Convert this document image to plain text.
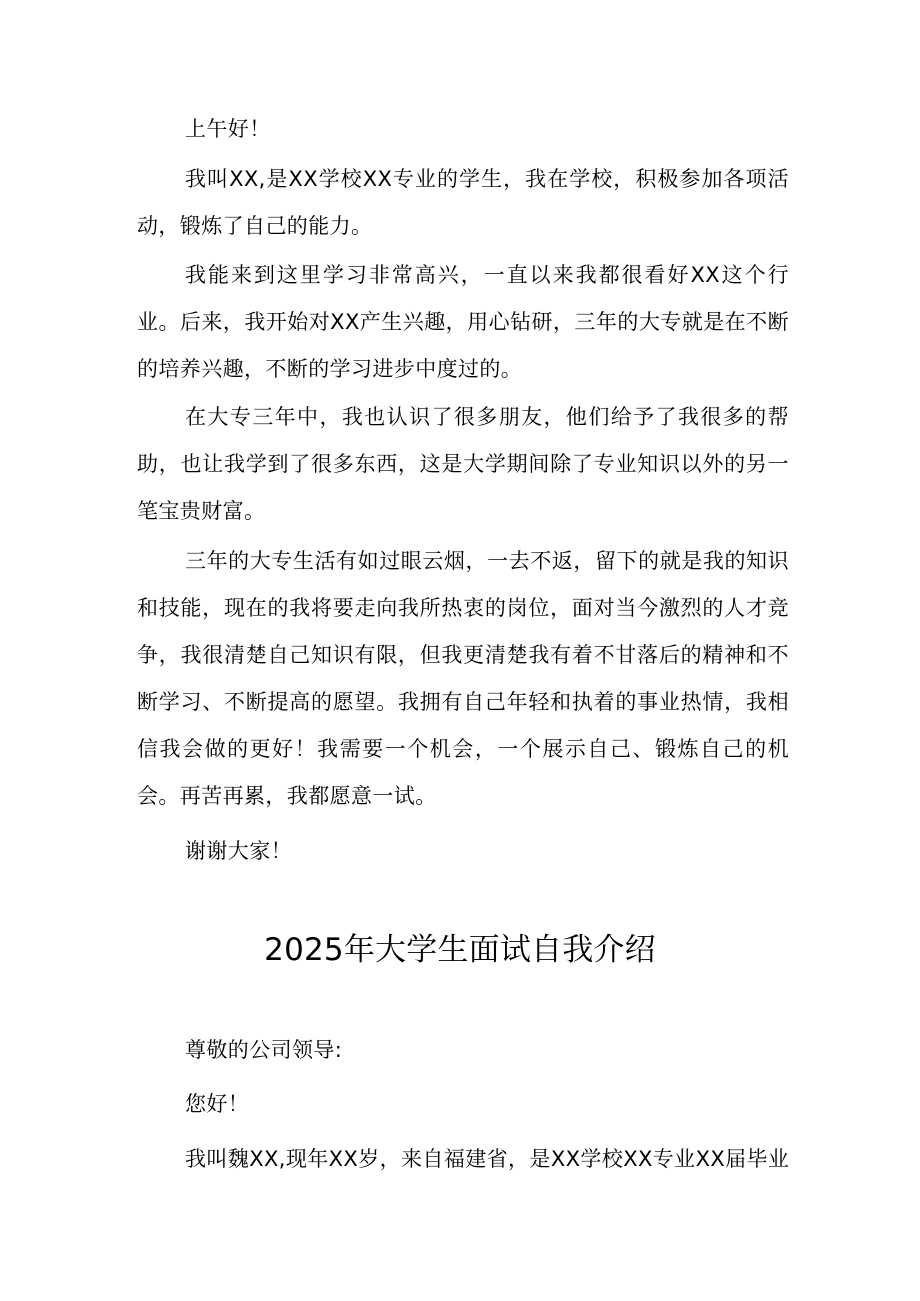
上午好！

我叫XX,是XX学校XX专业的学生，我在学校，积极参加各项活动，锻炼了自己的能力。

我能来到这里学习非常高兴，一直以来我都很看好XX这个行业。后来，我开始对XX产生兴趣，用心钻研，三年的大专就是在不断的培养兴趣，不断的学习进步中度过的。

在大专三年中，我也认识了很多朋友，他们给予了我很多的帮助，也让我学到了很多东西，这是大学期间除了专业知识以外的另一笔宝贵财富。

三年的大专生活有如过眼云烟，一去不返，留下的就是我的知识和技能，现在的我将要走向我所热衷的岗位，面对当今激烈的人才竞争，我很清楚自己知识有限，但我更清楚我有着不甘落后的精神和不断学习、不断提高的愿望。我拥有自己年轻和执着的事业热情，我相信我会做的更好！我需要一个机会，一个展示自己、锻炼自己的机会。再苦再累，我都愿意一试。

谢谢大家！

2025年大学生面试自我介绍

尊敬的公司领导:

您好！

我叫魏XX,现年XX岁，来自福建省，是XX学校XX专业XX届毕业
